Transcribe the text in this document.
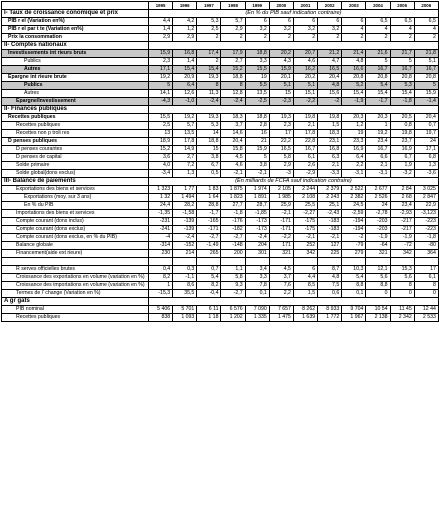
	1995	1996	1997	1998	1999	2000	2001	2002	2003	2004	2005	2006
I- Taux de croissance conomique et prix	(En % du PIB sauf indication contraire)											
PIB r el (Variation en%)	4,4	4,2	5,3	5,7	6	6	6	6	6	6,5	6,5	6,5
PIB r el par t te (Variation en%)	1,4	1,2	2,5	2,9	3,2	3,2	3,2	3,2	4	4	4	4
Prix la consommation	2,9	2,9	2	2	2	2	2	2	2	2	2	2
II- Comptes nationaux												
Investissements int rieurs bruts	15,9	16,8	17,4	17,9	18,8	20,2	20,7	21,2	21,4	21,6	21,7	21,8
Publics	2,3	1,4	2	2,7	3,3	4,3	4,6	4,7	4,8	5	5	5,1
Autres	17,1	15,4	15,4	15,2	15,5	15,9	16,2	16,5	16,6	16,7	16,7	16,7
Epargne int rieure brute	19,2	20,9	19,3	18,8	19	20,1	20,2	20,4	20,8	20,8	20,8	20,8
Publics	5	6,4	8	8	5,5	5,1	5,1	4,8	5,2	5,4	5,3	5
Autres	14,1	12,6	11,3	12,8	13,5	15	15,1	15,6	15,4	15,4	15,4	15,9
Epargne/Investissement	-4,3	-1,0	-2,4	-2,4	-2,5	-2,3	-2,2	-2	-1,9	-1,7	-1,8	-1,4
II- Finances publiques												
Recettes publiques	15,5	19,2	19,3	18,3	18,8	19,3	19,8	19,8	20,3	20,3	20,5	20,4
Recettes publiques	2,5	5,7	5,3	3,7	2,8	2,3	2,1	1,5	1,2	1	0,8	0,7
Recettes non p troli res	13	13,5	14	14,6	16	17	17,8	18,3	19	19,2	19,8	19,7
D penses publiques	18,9	17,8	18,8	20,4	21	22,2	22,8	23,1	23,3	23,4	23,7	24
D penses courantes	15,2	14,9	15	15,8	15,9	16,5	16,7	16,8	16,9	16,7	16,9	17,1
D penses de capital	3,6	2,7	3,8	4,5	5	5,8	6,1	6,3	6,4	6,6	6,7	6,8
Solde primaire	4,0	7,2	6,7	4,6	3,8	2,9	2,6	2,1	2,2	2,1	1,9	1,3
Solde global(dons exclus)	-3,4	1,3	0,5	-2,1	-2,1	-3	-2,9	-3,3	-3,1	-3,1	-3,2	-3,6
III- Balance de paiements	(En milliards de FCFA sauf indication contraire)											
Exportations des biens et services	1 323	1 77	1 83	1 875	1 974	2 105	2 244	2 379	2 522	2 677	2 84	3 025
Exportations (moy. sur 3 ans)	1 32	1 494	1 64	1 823	1 891	1 985	2 108	2 243	2 382	2 526	2 68	2 847
En % du PIB	24,4	28,2	28,8	27,7	28,7	25,9	25,5	25,1	24,5	24	23,4	22,9
Importations des biens et services	-1,35	-1,58	-1,7	-1,8	-1,85	-2,1	-2,27	-2,43	-2,59	-2,78	-2,93	-3,123
Compte courant (dons inclus)	-231	-139	-165	-176	-173	-171	-175	-183	-194	-203	-217	-223
Compte courant (dons exclus)	-241	-139	-171	-182	-173	-171	-175	-183	-194	-203	-217	-223
Compte courant (dons exclus, en % du PIB)	-4	-2,4	-2,7	-2,7	-2,4	-2,2	-2,1	-2,1	-2	-1,9	-1,9	-1,8
Balance globale	-314	-152	-1,49	-148	204	171	252	127	-79	-64	-72	-80
Financement(aide ext rieure)	230	214	265	200	301	321	342	225	279	321	342	364

R serves officielles brutes	0,4	0,3	0,7	1,1	3,4	4,5	6	8,7	10,3	12,1	15,3	17
Croissance des exportations en volume (variation en %)	8,2	-1,1	5,4	5,8	3,3	3,7	4,4	4,8	5,4	5,6	5,6	6,1
Croissance des importations en volume (variation en %)	1	8,6	8,2	9,3	7,8	7,6	8,5	7,5	8,8	8,8	8	8
Termes de l' change (Variation en %)	-15,3	35,5	-0,4	-2,7	0,1	2,2	1,5	0,6	0,1	0	0	0
A gr gats												
PIB nominal	5 406	5 701	6 11	6 576	7 090	7 657	8 262	8 933	9 704	10 54	11 45	12 44
Recettes publiques	838	1 093	1 18	1 202	1 335	1 475	1 639	1 772	1 967	2 138	2 342	2 533
